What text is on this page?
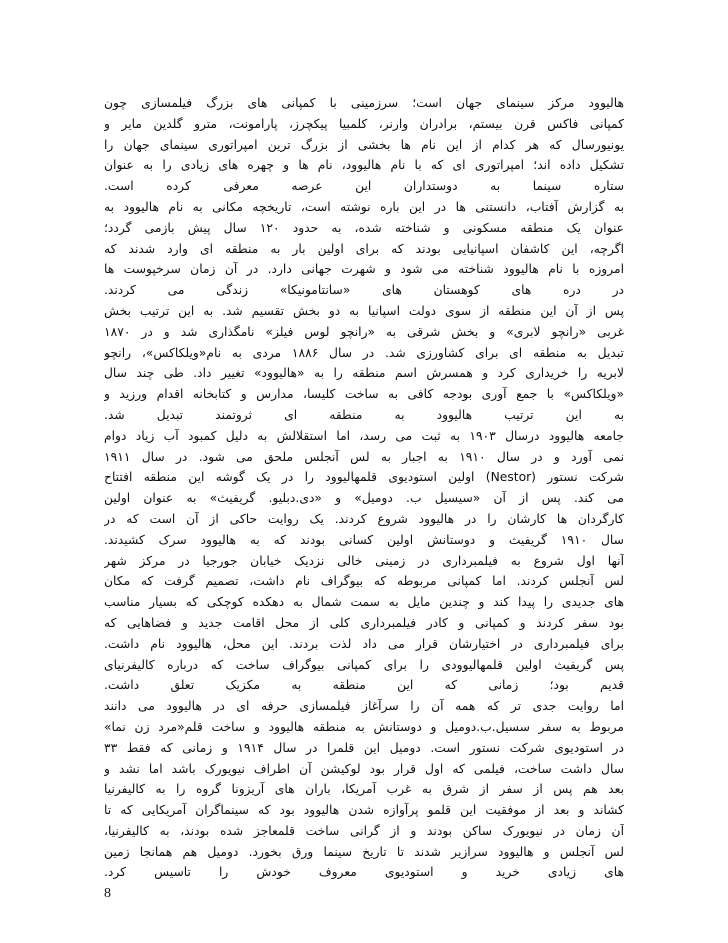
هالیوود مرکز سینمای جهان است؛ سرزمینی با کمپانی های بزرگ فیلمسازی چون
کمپانی فاکس قرن بیستم، برادران وارنر، کلمبیا پیکچرز، پارامونت، مترو گلدین مایر و
یونیورسال که هر کدام از این نام ها بخشی از بزرگ ترین امپراتوری سینمای جهان را
تشکیل داده اند؛ امپراتوری ای که با نام هالیوود، نام ها و چهره های زیادی را به عنوان
ستاره سینما به دوستداران این عرصه معرفی کرده است.
به گزارش آفتاب، دانستنی ها در این باره نوشته است، تاریخچه مکانی به نام هالیوود به
عنوان یک منطقه مسکونی و شناخته شده، به حدود ۱۲۰ سال پیش بازمی گردد؛
اگرچه، این کاشفان اسپانیایی بودند که برای اولین بار به منطقه ای وارد شدند که
امروزه با نام هالیوود شناخته می شود و شهرت جهانی دارد. در آن زمان سرخپوست ها
در دره های کوهستان های «سانتامونیکا» زندگی می کردند.
پس از آن این منطقه از سوی دولت اسپانیا به دو بخش تقسیم شد. به این ترتیب بخش
غربی «رانچو لابری» و بخش شرقی به «رانچو لوس فیلز» نامگذاری شد و در ۱۸۷۰
تبدیل به منطقه ای برای کشاورزی شد. در سال ۱۸۸۶ مردی به نام«ویلکاکس»، رانچو
لابریه را خریداری کرد و همسرش اسم منطقه را به «هالیوود» تغییر داد. طی چند سال
«ویلکاکس» با جمع آوری بودجه کافی به ساخت کلیسا، مدارس و کتابخانه اقدام ورزید و
به این ترتیب هالیوود به منطقه ای ثروتمند تبدیل شد.
جامعه هالیوود درسال ۱۹۰۳ به ثبت می رسد، اما استقلالش به دلیل کمبود آب زیاد دوام
نمی آورد و در سال ۱۹۱۰ به اجبار به لس آنجلس ملحق می شود. در سال ۱۹۱۱
شرکت نستور (Nestor) اولین استودیوی قلمهالیوود را در یک گوشه این منطقه افتتاح
می کند. پس از آن «سیسیل ب. دومیل» و «دی.دبلیو. گریفیث» به عنوان اولین
کارگردان ها کارشان را در هالیوود شروع کردند. یک روایت حاکی از آن است که در
سال ۱۹۱۰ گریفیث و دوستانش اولین کسانی بودند که به هالیوود سرک کشیدند.
آنها اول شروع به فیلمبرداری در زمینی خالی نزدیک خیابان جورجیا در مرکز شهر
لس آنجلس کردند. اما کمپانی مربوطه که بیوگراف نام داشت، تصمیم گرفت که مکان
های جدیدی را پیدا کند و چندین مایل به سمت شمال به دهکده کوچکی که بسیار مناسب
بود سفر کردند و کمپانی و کادر فیلمبرداری کلی از محل اقامت جدید و فضاهایی که
برای فیلمبرداری در اختیارشان قرار می داد لذت بردند. این محل، هالیوود نام داشت.
پس گریفیث اولین قلمهالیوودی را برای کمپانی بیوگراف ساخت که درباره کالیفرنیای
قدیم بود؛ زمانی که این منطقه به مکزیک تعلق داشت.
اما روایت جدی تر که همه آن را سرآغاز فیلمسازی حرفه ای در هالیوود می دانند
مربوط به سفر سسیل.ب.دومیل و دوستانش به منطقه هالیوود و ساخت قلم«مرد زن نما»
در استودیوی شرکت نستور است. دومیل این قلمرا در سال ۱۹۱۴ و زمانی که فقط ۳۳
سال داشت ساخت، فیلمی که اول قرار بود لوکیشن آن اطراف نیویورک باشد اما نشد و
بعد هم پس از سفر از شرق به غرب آمریکا، باران های آریزونا گروه را به کالیفرنیا
کشاند و بعد از موفقیت این قلمو پرآوازه شدن هالیوود بود که سینماگران آمریکایی که تا
آن زمان در نیویورک ساکن بودند و از گرانی ساخت قلمعاجز شده بودند، به کالیفرنیا،
لس آنجلس و هالیوود سرازیر شدند تا تاریخ سینما ورق بخورد. دومیل هم همانجا زمین
های زیادی خرید و استودیوی معروف خودش را تاسیس کرد.
8
